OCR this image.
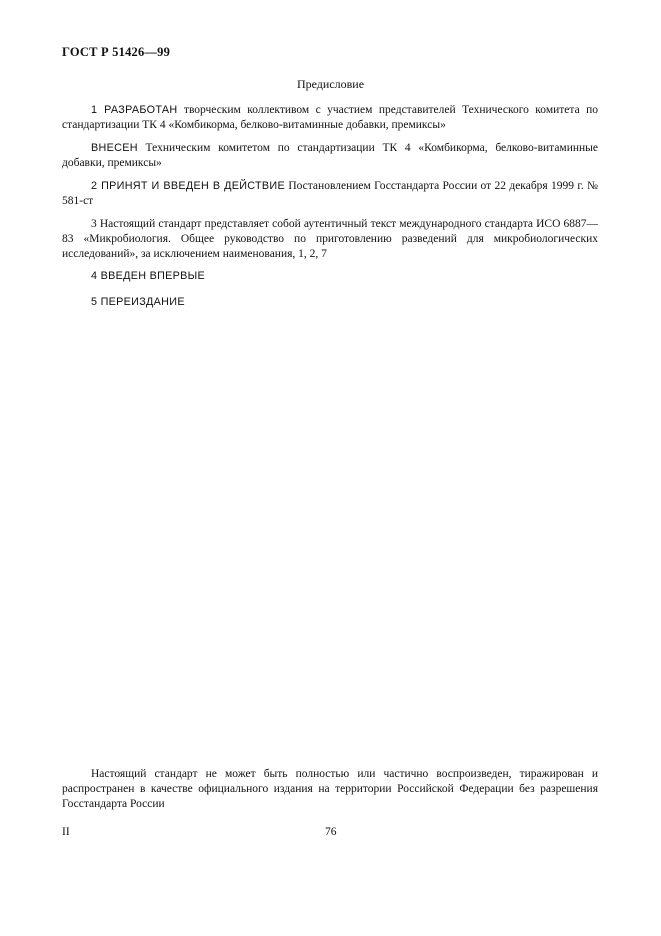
ГОСТ Р 51426—99
Предисловие
1 РАЗРАБОТАН творческим коллективом с участием представителей Технического комитета по стандартизации ТК 4 «Комбикорма, белково-витаминные добавки, премиксы»
ВНЕСЕН Техническим комитетом по стандартизации ТК 4 «Комбикорма, белково-витаминные добавки, премиксы»
2 ПРИНЯТ И ВВЕДЕН В ДЕЙСТВИЕ Постановлением Госстандарта России от 22 декабря 1999 г. № 581-ст
3 Настоящий стандарт представляет собой аутентичный текст международного стандарта ИСО 6887—83 «Микробиология. Общее руководство по приготовлению разведений для микробиологических исследований», за исключением наименования, 1, 2, 7
4 ВВЕДЕН ВПЕРВЫЕ
5 ПЕРЕИЗДАНИЕ
Настоящий стандарт не может быть полностью или частично воспроизведен, тиражирован и распространен в качестве официального издания на территории Российской Федерации без разрешения Госстандарта России
II	76
